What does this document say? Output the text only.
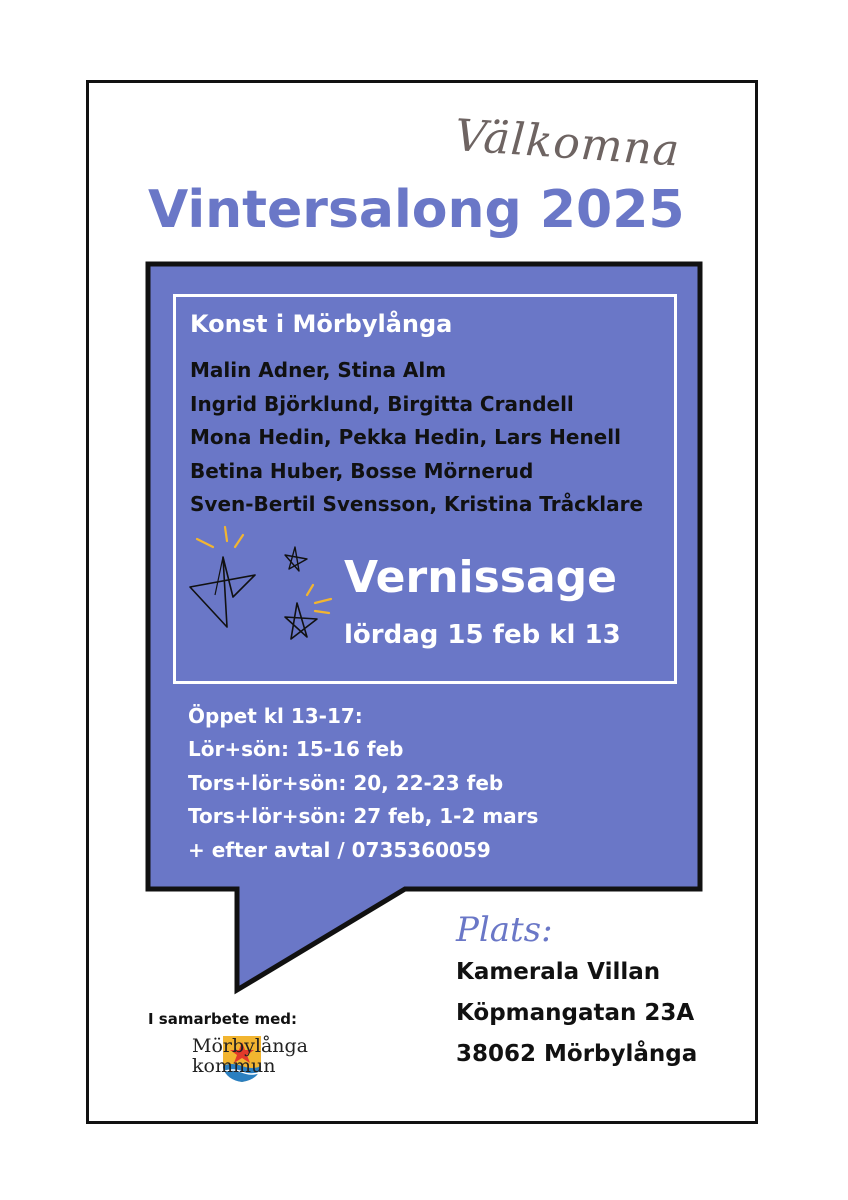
Välkomna
Vintersalong 2025
Konst i Mörbylånga
Malin Adner, Stina Alm
Ingrid Björklund, Birgitta Crandell
Mona Hedin, Pekka Hedin, Lars Henell
Betina Huber, Bosse Mörnerud
Sven-Bertil Svensson, Kristina Tråcklare
Vernissage
lördag 15 feb kl 13
Öppet kl 13-17:
Lör+sön: 15-16 feb
Tors+lör+sön: 20, 22-23 feb
Tors+lör+sön: 27 feb, 1-2 mars
+ efter avtal / 0735360059
Plats:
Kamerala Villan
Köpmangatan 23A
38062 Mörbylånga
I samarbete med:
Mörbylånga
kommun
